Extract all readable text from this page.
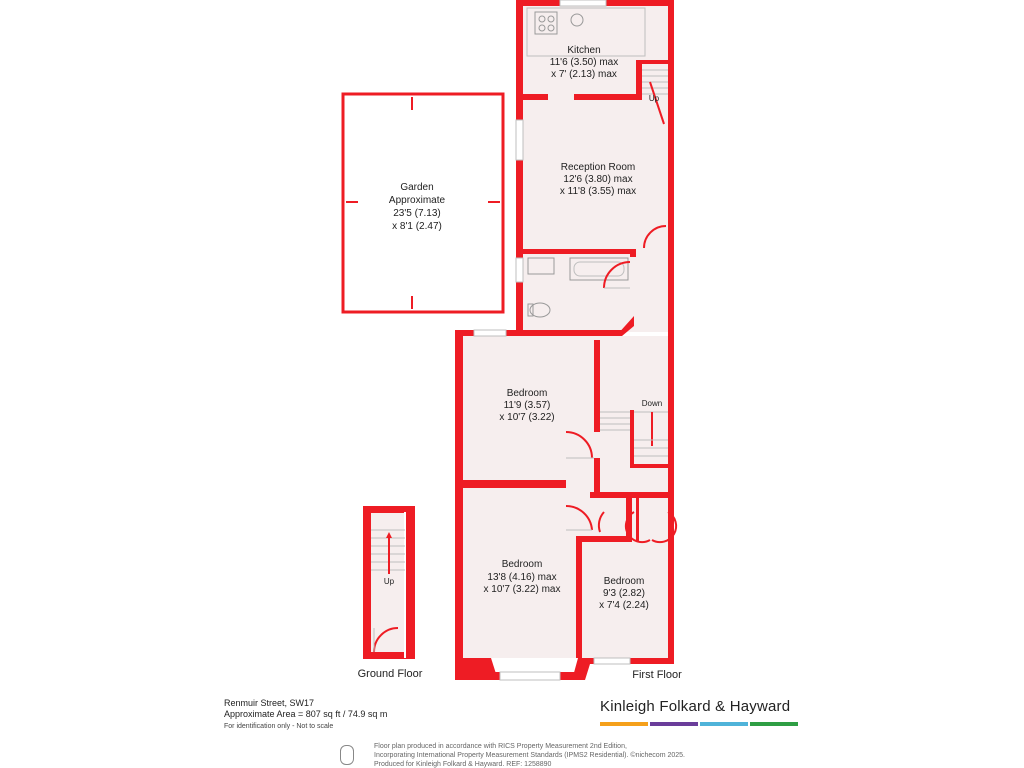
Garden
Approximate
23'5 (7.13)
x 8'1 (2.47)
Kitchen
11'6 (3.50) max
x 7' (2.13) max
Up
Reception Room
12'6 (3.80) max
x 11'8 (3.55) max
Bedroom
11'9 (3.57)
x 10'7 (3.22)
Down
Bedroom
13'8 (4.16) max
x 10'7 (3.22) max
Bedroom
9'3 (2.82)
x 7'4 (2.24)
First Floor
Up
Ground Floor
Renmuir Street, SW17
Approximate Area = 807 sq ft / 74.9 sq m
For identification only - Not to scale
Kinleigh Folkard & Hayward
Floor plan produced in accordance with RICS Property Measurement 2nd Edition,
Incorporating International Property Measurement Standards (IPMS2 Residential). ©nichecom 2025.
Produced for Kinleigh Folkard & Hayward. REF: 1258890
